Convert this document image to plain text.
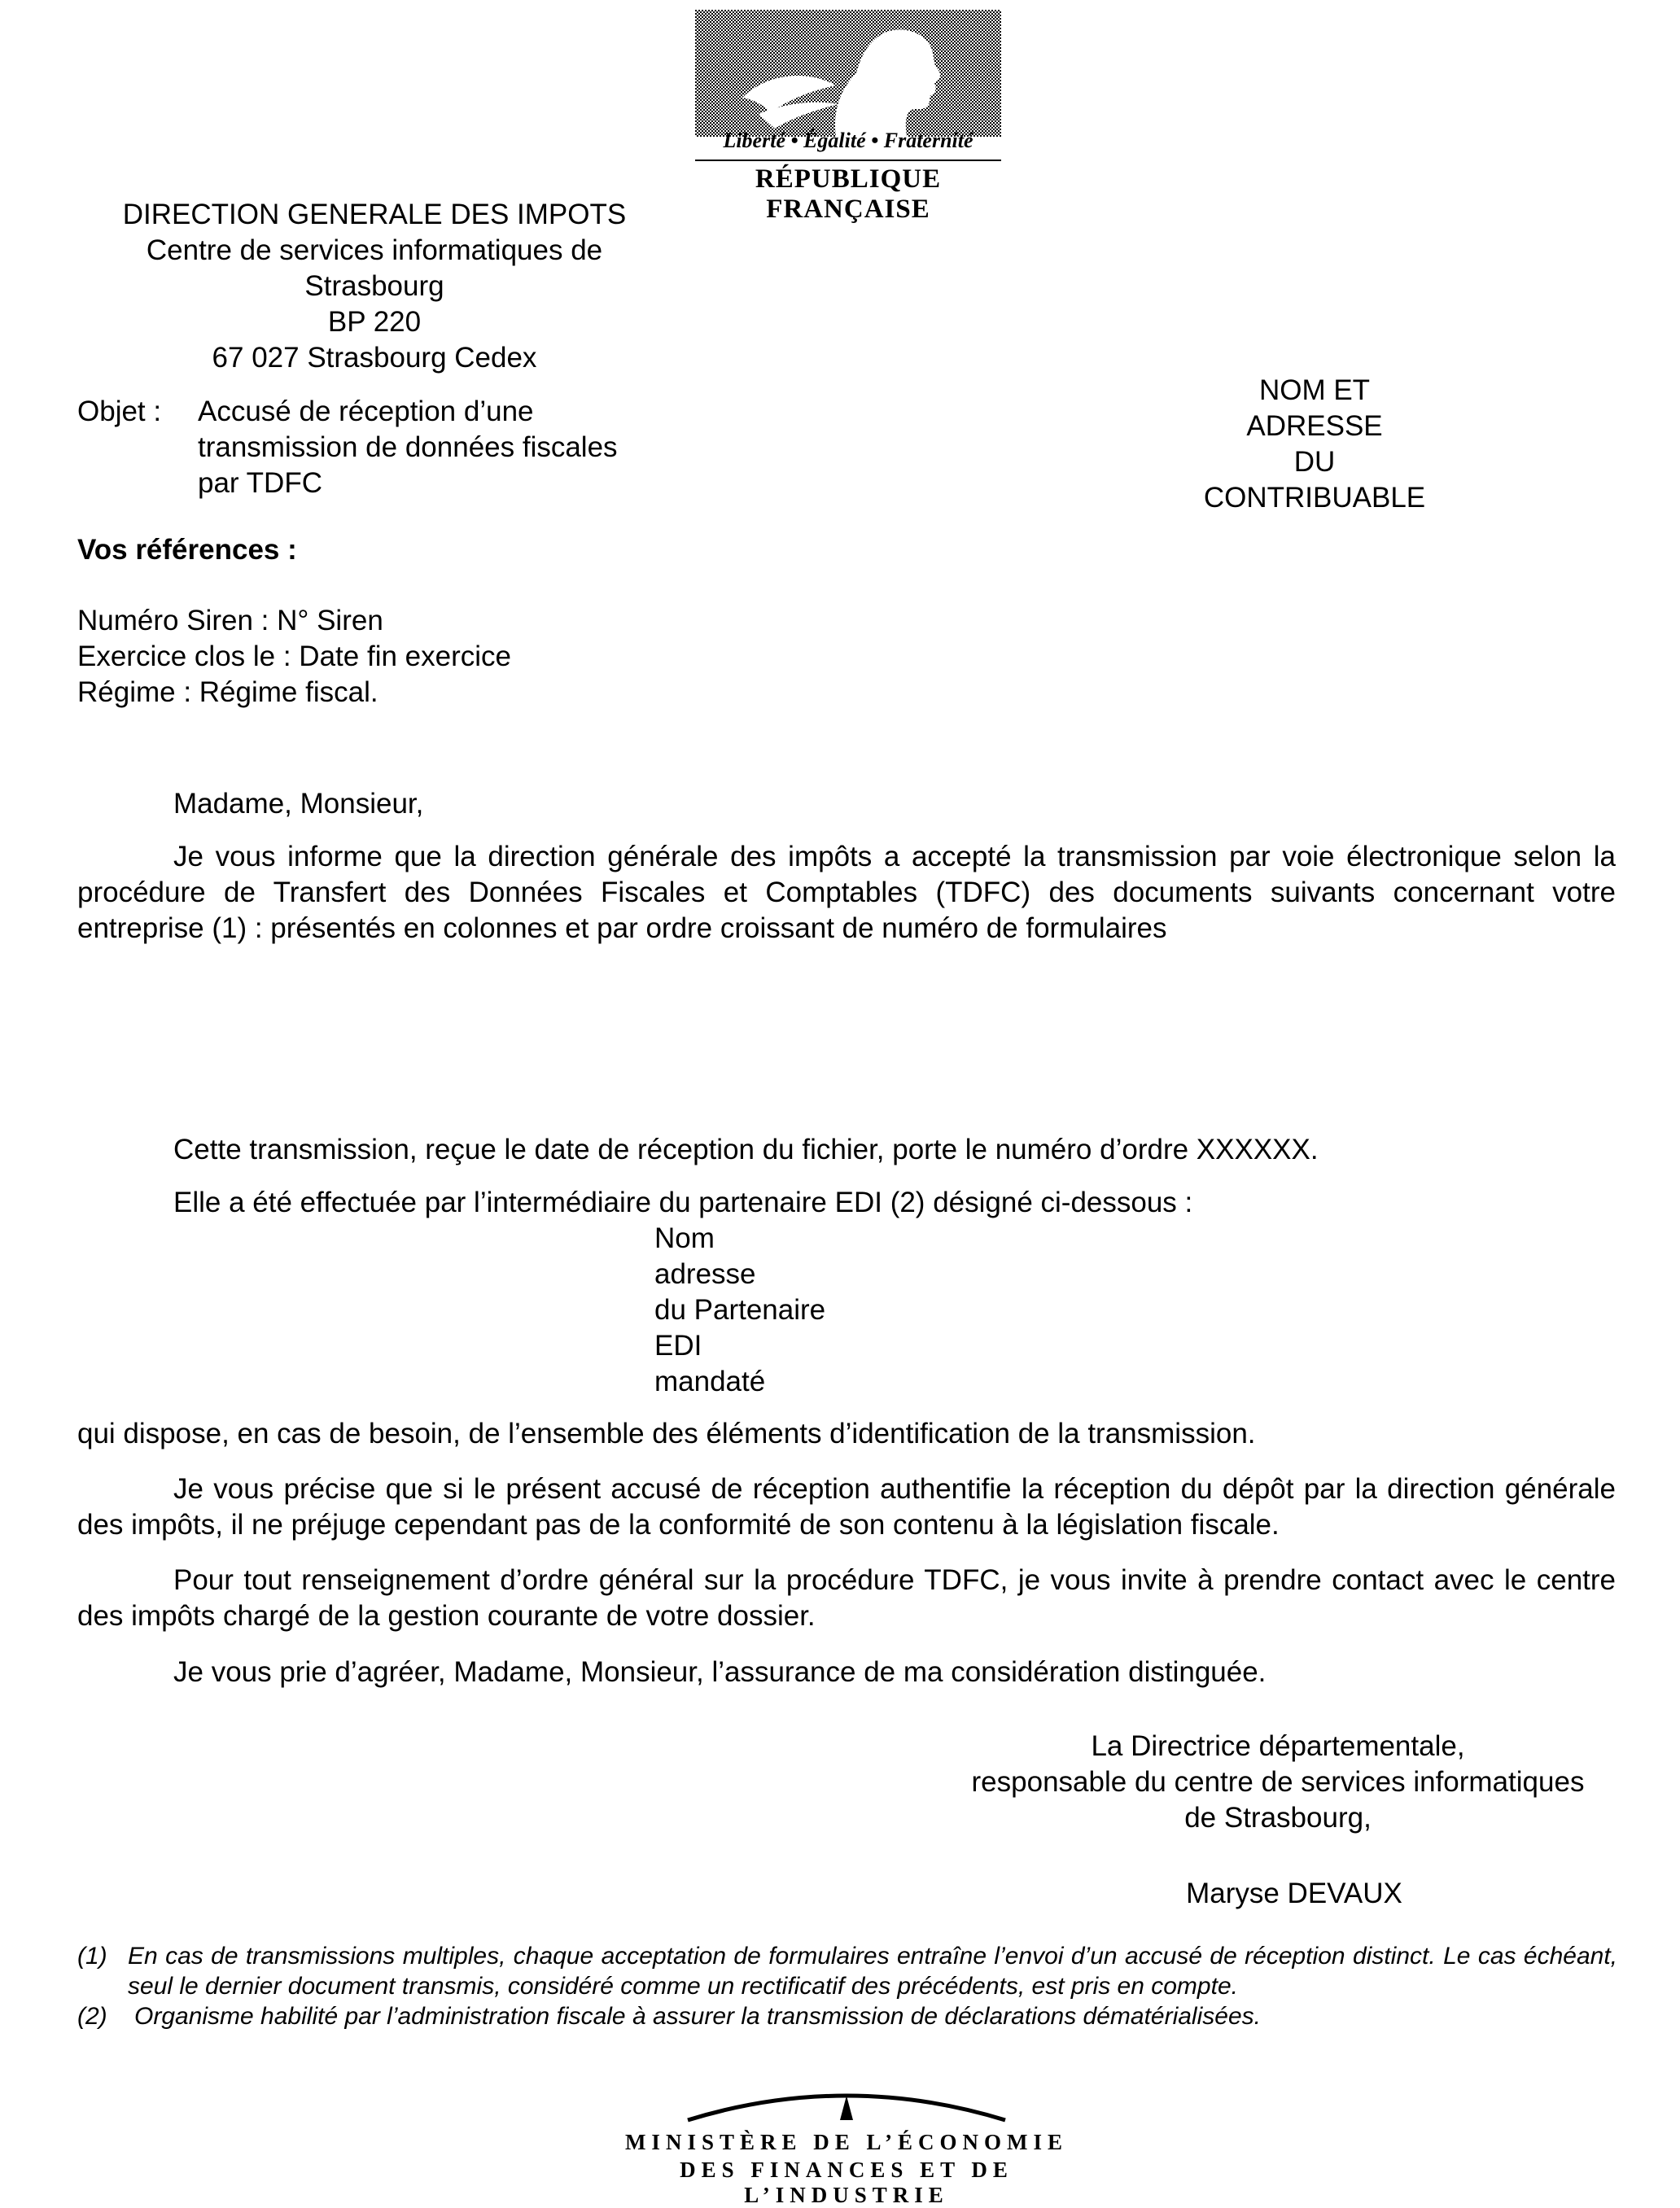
Liberté • Égalité • Fraternité
RÉPUBLIQUE FRANÇAISE
DIRECTION GENERALE DES IMPOTS
Centre de services informatiques de
Strasbourg
BP 220
67 027 Strasbourg Cedex
Objet : Accusé de réception d’une
transmission de données fiscales
par TDFC
NOM ET
ADRESSE
DU
CONTRIBUABLE
Vos références :
Numéro Siren : N° Siren
Exercice clos le : Date fin exercice
Régime : Régime fiscal.
Madame, Monsieur,
Je vous informe que la direction générale des impôts a accepté la transmission par voie électronique selon la procédure de Transfert des Données Fiscales et Comptables (TDFC) des documents suivants concernant votre entreprise (1) : présentés en colonnes et par ordre croissant de numéro de formulaires
Cette transmission, reçue le date de réception du fichier, porte le numéro d’ordre XXXXXX.
Elle a été effectuée par l’intermédiaire du partenaire EDI (2) désigné ci-dessous :
Nom
adresse
du Partenaire
EDI
mandaté
qui dispose, en cas de besoin, de l’ensemble des éléments d’identification de la transmission.
Je vous précise que si le présent accusé de réception authentifie la réception du dépôt par la direction générale des impôts, il ne préjuge cependant pas de la conformité de son contenu à la législation fiscale.
Pour tout renseignement d’ordre général sur la procédure TDFC, je vous invite à prendre contact avec le centre des impôts chargé de la gestion courante de votre dossier.
Je vous prie d’agréer, Madame, Monsieur, l’assurance de ma considération distinguée.
La Directrice départementale,
responsable du centre de services informatiques
de Strasbourg,
Maryse DEVAUX
(1) En cas de transmissions multiples, chaque acceptation de formulaires entraîne l’envoi d’un accusé de réception distinct. Le cas échéant, seul le dernier document transmis, considéré comme un rectificatif des précédents, est pris en compte.
(2) Organisme habilité par l’administration fiscale à assurer la transmission de déclarations dématérialisées.
MINISTÈRE DE L’ÉCONOMIE
DES FINANCES ET DE L’INDUSTRIE
